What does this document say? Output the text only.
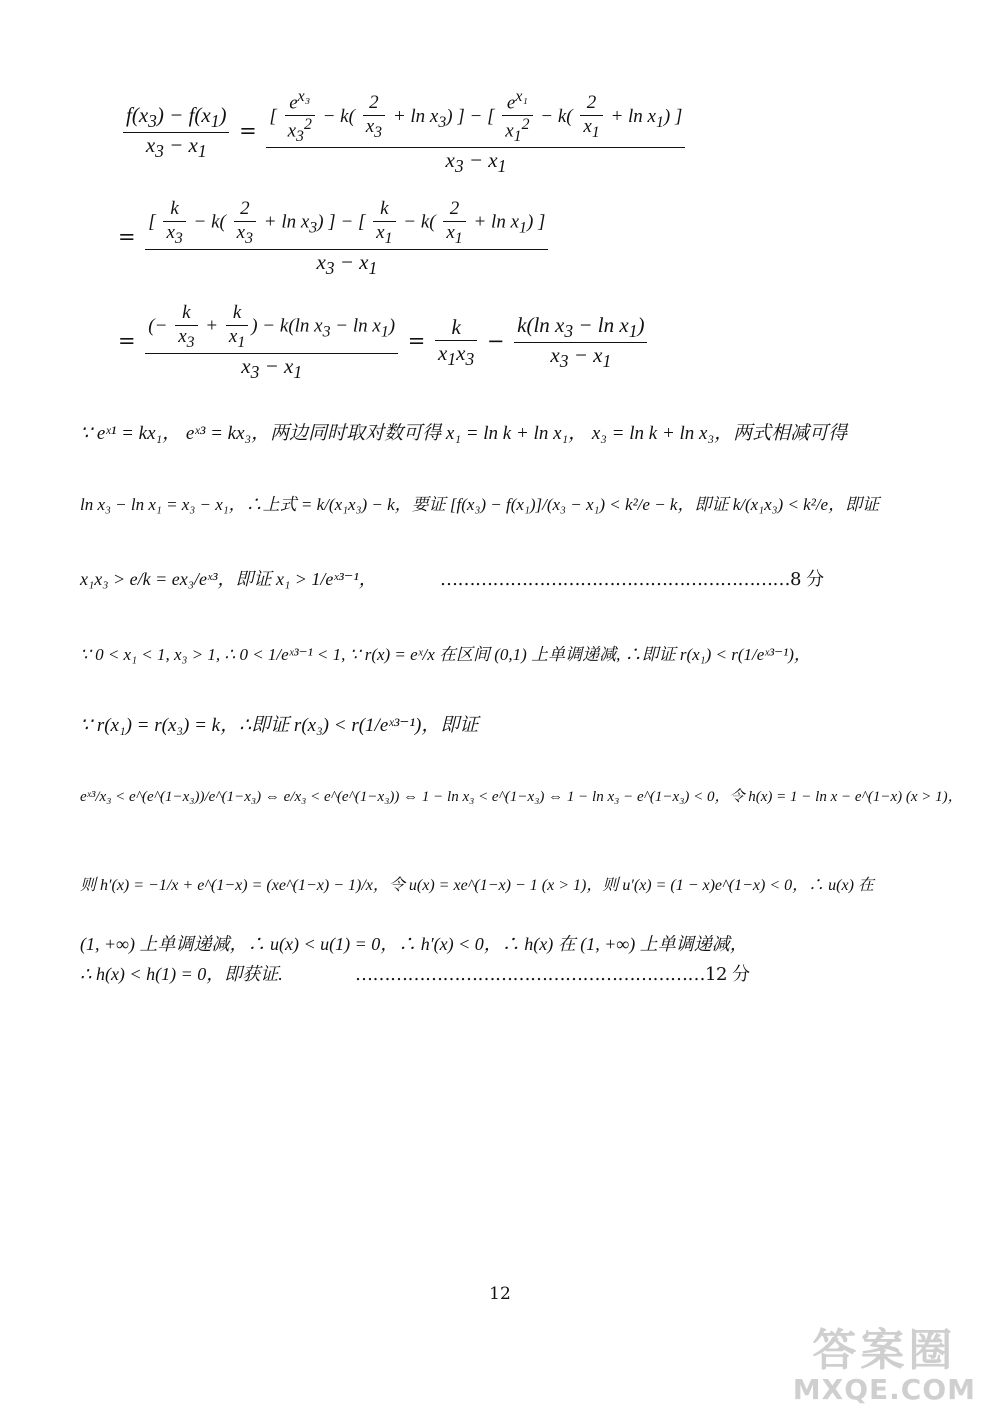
$\frac{f(x_3) - f(x_1)}{x_3 - x_1}$ =
[ $\frac{e^{x_3}}{x_3^2} - k( \frac{2}{x_3} + \ln x_3)$ ] − [ $\frac{e^{x_1}}{x_1^2} - k( \frac{2}{x_1} + \ln x_1)$ ]
$x_3 - x_1$
= $\frac{[ \frac{k}{x_3} - k( \frac{2}{x_3} + \ln x_3) ] - [ \frac{k}{x_1} - k( \frac{2}{x_1} + \ln x_1) ]}{x_3 - x_1}$
= $\frac{(- \frac{k}{x_3} + \frac{k}{x_1} ) - k(\ln x_3 - \ln x_1)}{x_3 - x_1} = \frac{k}{x_1x_3} - \frac{k(\ln x_3 - \ln x_1)}{x_3 - x_1}$
∵ eˣ¹ = kx₁， eˣ³ = kx₃，两边同时取对数可得 x₁ = ln k + ln x₁， x₃ = ln k + ln x₃，两式相减可得
ln x₃ − ln x₁ = x₃ − x₁，∴上式 = k/(x₁x₃) − k，要证 [f(x₃) − f(x₁)]/(x₃ − x₁) < k²/e − k，即证 k/(x₁x₃) < k²/e，即证
x₁x₃ > e/k = ex₃/eˣ³，即证 x₁ > 1/eˣ³⁻¹，	……………………………………………………8 分
∵ 0 < x₁ < 1, x₃ > 1, ∴ 0 < 1/eˣ³⁻¹ < 1, ∵ r(x) = eˣ/x 在区间 (0,1) 上单调递减, ∴即证 r(x₁) < r(1/eˣ³⁻¹)，
∵ r(x₁) = r(x₃) = k，∴即证 r(x₃) < r(1/eˣ³⁻¹)，即证
eˣ³/x₃ < e^(e^(1−x₃))/e^(1−x₃) ⇔ e/x₃ < e^(e^(1−x₃)) ⇔ 1 − ln x₃ < e^(1−x₃) ⇔ 1 − ln x₃ − e^(1−x₃) < 0，令 h(x) = 1 − ln x − e^(1−x) (x > 1)，
则 h′(x) = −1/x + e^(1−x) = (xe^(1−x) − 1)/x，令 u(x) = xe^(1−x) − 1 (x > 1)，则 u′(x) = (1 − x)e^(1−x) < 0，∴ u(x) 在
(1, +∞) 上单调递减，∴ u(x) < u(1) = 0，∴ h′(x) < 0，∴ h(x) 在 (1, +∞) 上单调递减，
∴ h(x) < h(1) = 0，即获证.	……………………………………………………12 分
12
答案圈
MXQE.COM
